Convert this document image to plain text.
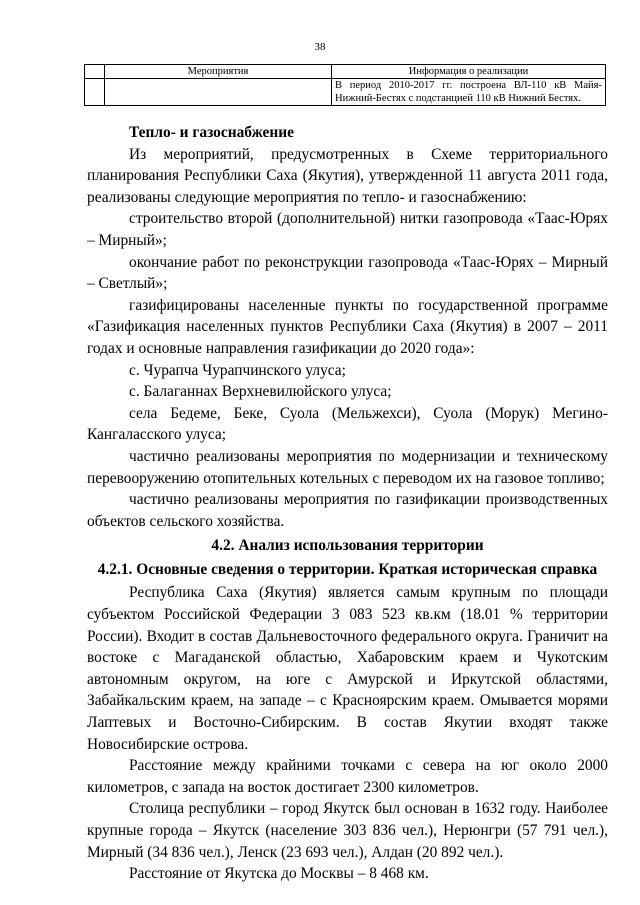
38
	Мероприятия	Информация о реализации
		В период 2010-2017 гг. построена ВЛ-110 кВ Майя-Нижний-Бестях с подстанцией 110 кВ Нижний Бестях.

Тепло- и газоснабжение

Из мероприятий, предусмотренных в Схеме территориального планирования Республики Саха (Якутия), утвержденной 11 августа 2011 года, реализованы следующие мероприятия по тепло- и газоснабжению:

строительство второй (дополнительной) нитки газопровода «Таас-Юрях – Мирный»;

окончание работ по реконструкции газопровода «Таас-Юрях – Мирный – Светлый»;

газифицированы населенные пункты по государственной программе «Газификация населенных пунктов Республики Саха (Якутия) в 2007 – 2011 годах и основные направления газификации до 2020 года»:

с. Чурапча Чурапчинского улуса;

с. Балаганнах Верхневилюйского улуса;

села Бедеме, Беке, Суола (Мельжехси), Суола (Морук) Мегино-Кангаласского улуса;

частично реализованы мероприятия по модернизации и техническому перевооружению отопительных котельных с переводом их на газовое топливо;

частично реализованы мероприятия по газификации производственных объектов сельского хозяйства.

4.2. Анализ использования территории

4.2.1. Основные сведения о территории. Краткая историческая справка

Республика Саха (Якутия) является самым крупным по площади субъектом Российской Федерации 3 083 523 кв.км (18.01 % территории России). Входит в состав Дальневосточного федерального округа. Граничит на востоке с Магаданской областью, Хабаровским краем и Чукотским автономным округом, на юге с Амурской и Иркутской областями, Забайкальским краем, на западе – с Красноярским краем. Омывается морями Лаптевых и Восточно-Сибирским. В состав Якутии входят также Новосибирские острова.

Расстояние между крайними точками с севера на юг около 2000 километров, с запада на восток достигает 2300 километров.

Столица республики – город Якутск был основан в 1632 году. Наиболее крупные города – Якутск (население 303 836 чел.), Нерюнгри (57 791 чел.), Мирный (34 836 чел.), Ленск (23 693 чел.), Алдан (20 892 чел.).

Расстояние от Якутска до Москвы – 8 468 км.
